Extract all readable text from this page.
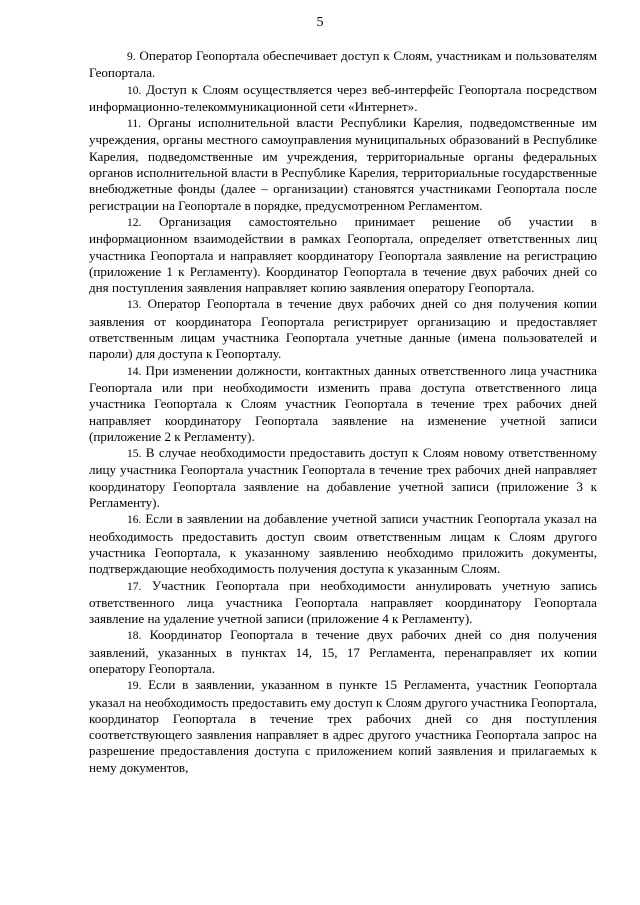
5

9. Оператор Геопортала обеспечивает доступ к Слоям, участникам и пользователям Геопортала.

10. Доступ к Слоям осуществляется через веб-интерфейс Геопортала посредством информационно-телекоммуникационной сети «Интернет».

11. Органы исполнительной власти Республики Карелия, подведомственные им учреждения, органы местного самоуправления муниципальных образований в Республике Карелия, подведомственные им учреждения, территориальные органы федеральных органов исполнительной власти в Республике Карелия, территориальные государственные внебюджетные фонды (далее – организации) становятся участниками Геопортала после регистрации на Геопортале в порядке, предусмотренном Регламентом.

12. Организация самостоятельно принимает решение об участии в информационном взаимодействии в рамках Геопортала, определяет ответственных лиц участника Геопортала и направляет координатору Геопортала заявление на регистрацию (приложение 1 к Регламенту). Координатор Геопортала в течение двух рабочих дней со дня поступления заявления направляет копию заявления оператору Геопортала.

13. Оператор Геопортала в течение двух рабочих дней со дня получения копии заявления от координатора Геопортала регистрирует организацию и предоставляет ответственным лицам участника Геопортала учетные данные (имена пользователей и пароли) для доступа к Геопорталу.

14. При изменении должности, контактных данных ответственного лица участника Геопортала или при необходимости изменить права доступа ответственного лица участника Геопортала к Слоям участник Геопортала в течение трех рабочих дней направляет координатору Геопортала заявление на изменение учетной записи (приложение 2 к Регламенту).

15. В случае необходимости предоставить доступ к Слоям новому ответственному лицу участника Геопортала участник Геопортала в течение трех рабочих дней направляет координатору Геопортала заявление на добавление учетной записи (приложение 3 к Регламенту).

16. Если в заявлении на добавление учетной записи участник Геопортала указал на необходимость предоставить доступ своим ответственным лицам к Слоям другого участника Геопортала, к указанному заявлению необходимо приложить документы, подтверждающие необходимость получения доступа к указанным Слоям.

17. Участник Геопортала при необходимости аннулировать учетную запись ответственного лица участника Геопортала направляет координатору Геопортала заявление на удаление учетной записи (приложение 4 к Регламенту).

18. Координатор Геопортала в течение двух рабочих дней со дня получения заявлений, указанных в пунктах 14, 15, 17 Регламента, перенаправляет их копии оператору Геопортала.

19. Если в заявлении, указанном в пункте 15 Регламента, участник Геопортала указал на необходимость предоставить ему доступ к Слоям другого участника Геопортала, координатор Геопортала в течение трех рабочих дней со дня поступления соответствующего заявления направляет в адрес другого участника Геопортала запрос на разрешение предоставления доступа с приложением копий заявления и прилагаемых к нему документов,
